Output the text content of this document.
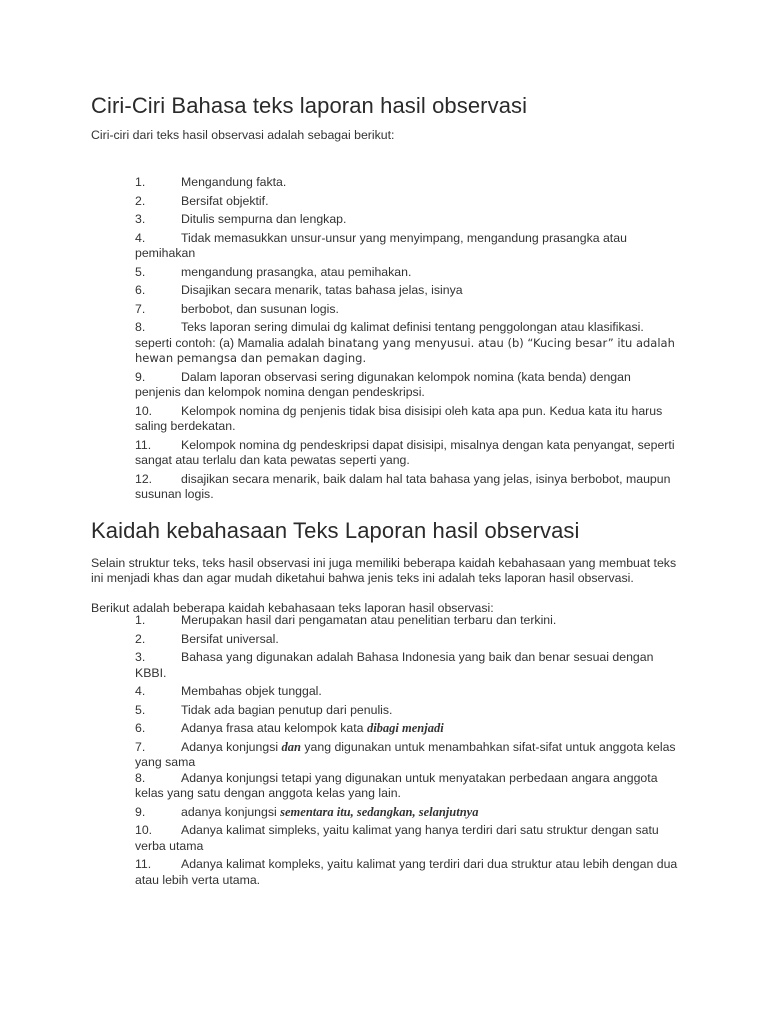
Ciri-Ciri Bahasa teks laporan hasil observasi

Ciri-ciri dari teks hasil observasi adalah sebagai berikut:

1.	Mengandung fakta.
2.	Bersifat objektif.
3.	Ditulis sempurna dan lengkap.
4.	Tidak memasukkan unsur-unsur yang menyimpang, mengandung prasangka atau pemihakan
5.	mengandung prasangka, atau pemihakan.
6.	Disajikan secara menarik, tatas bahasa jelas, isinya
7.	berbobot, dan susunan logis.
8.	Teks laporan sering dimulai dg kalimat definisi tentang penggolongan atau klasifikasi. seperti contoh: (a) Mamalia adalah binatang yang menyusui. atau (b) “Kucing besar” itu adalah hewan pemangsa dan pemakan daging.
9.	Dalam laporan observasi sering digunakan kelompok nomina (kata benda) dengan penjenis dan kelompok nomina dengan pendeskripsi.
10. Kelompok nomina dg penjenis tidak bisa disisipi oleh kata apa pun. Kedua kata itu harus saling berdekatan.
11. Kelompok nomina dg pendeskripsi dapat disisipi, misalnya dengan kata penyangat, seperti sangat atau terlalu dan kata pewatas seperti yang.
12. disajikan secara menarik, baik dalam hal tata bahasa yang jelas, isinya berbobot, maupun susunan logis.
Kaidah kebahasaan Teks Laporan hasil observasi

Selain struktur teks, teks hasil observasi ini juga memiliki beberapa kaidah kebahasaan yang membuat teks ini menjadi khas dan agar mudah diketahui bahwa jenis teks ini adalah teks laporan hasil observasi.

Berikut adalah beberapa kaidah kebahasaan teks laporan hasil observasi:

1.	Merupakan hasil dari pengamatan atau penelitian terbaru dan terkini.
2.	Bersifat universal.
3.	Bahasa yang digunakan adalah Bahasa Indonesia yang baik dan benar sesuai dengan KBBI.
4.	Membahas objek tunggal.
5.	Tidak ada bagian penutup dari penulis.
6.	Adanya frasa atau kelompok kata dibagi menjadi
7.	Adanya konjungsi dan yang digunakan untuk menambahkan sifat-sifat untuk anggota kelas yang sama
8.	Adanya konjungsi tetapi yang digunakan untuk menyatakan perbedaan angara anggota kelas yang satu dengan anggota kelas yang lain.
9.	adanya konjungsi sementara itu, sedangkan, selanjutnya
10. Adanya kalimat simpleks, yaitu kalimat yang hanya terdiri dari satu struktur dengan satu verba utama
11. Adanya kalimat kompleks, yaitu kalimat yang terdiri dari dua struktur atau lebih dengan dua atau lebih verta utama.
